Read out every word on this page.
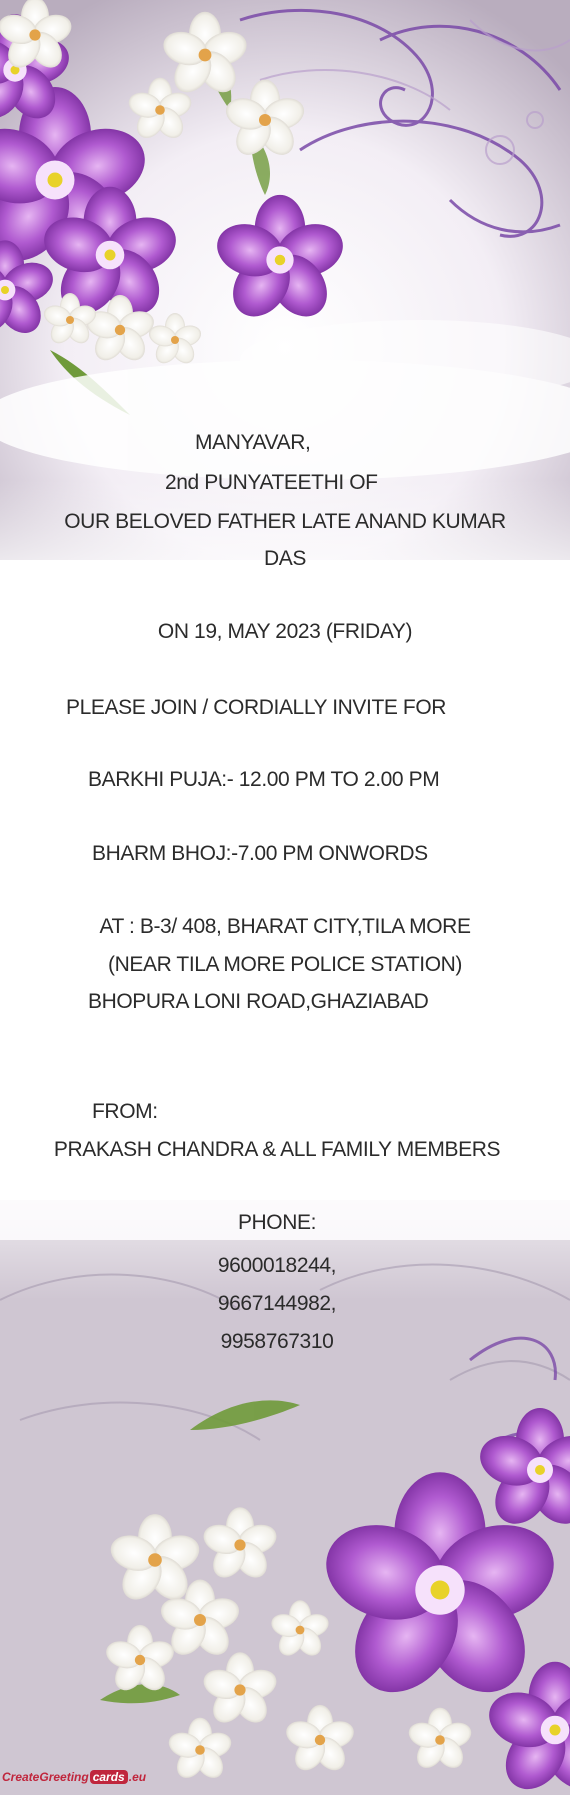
MANYAVAR,
2nd PUNYATEETHI OF
OUR BELOVED FATHER LATE ANAND KUMAR
DAS
ON 19, MAY 2023 (FRIDAY)
PLEASE JOIN / CORDIALLY INVITE FOR
BARKHI PUJA:- 12.00 PM TO 2.00 PM
BHARM BHOJ:-7.00 PM ONWORDS
AT : B-3/ 408, BHARAT CITY,TILA MORE
(NEAR TILA MORE POLICE STATION)
BHOPURA LONI ROAD,GHAZIABAD
FROM:
PRAKASH CHANDRA & ALL FAMILY MEMBERS
PHONE:
9600018244,
9667144982,
9958767310
CreateGreeting cards .eu
